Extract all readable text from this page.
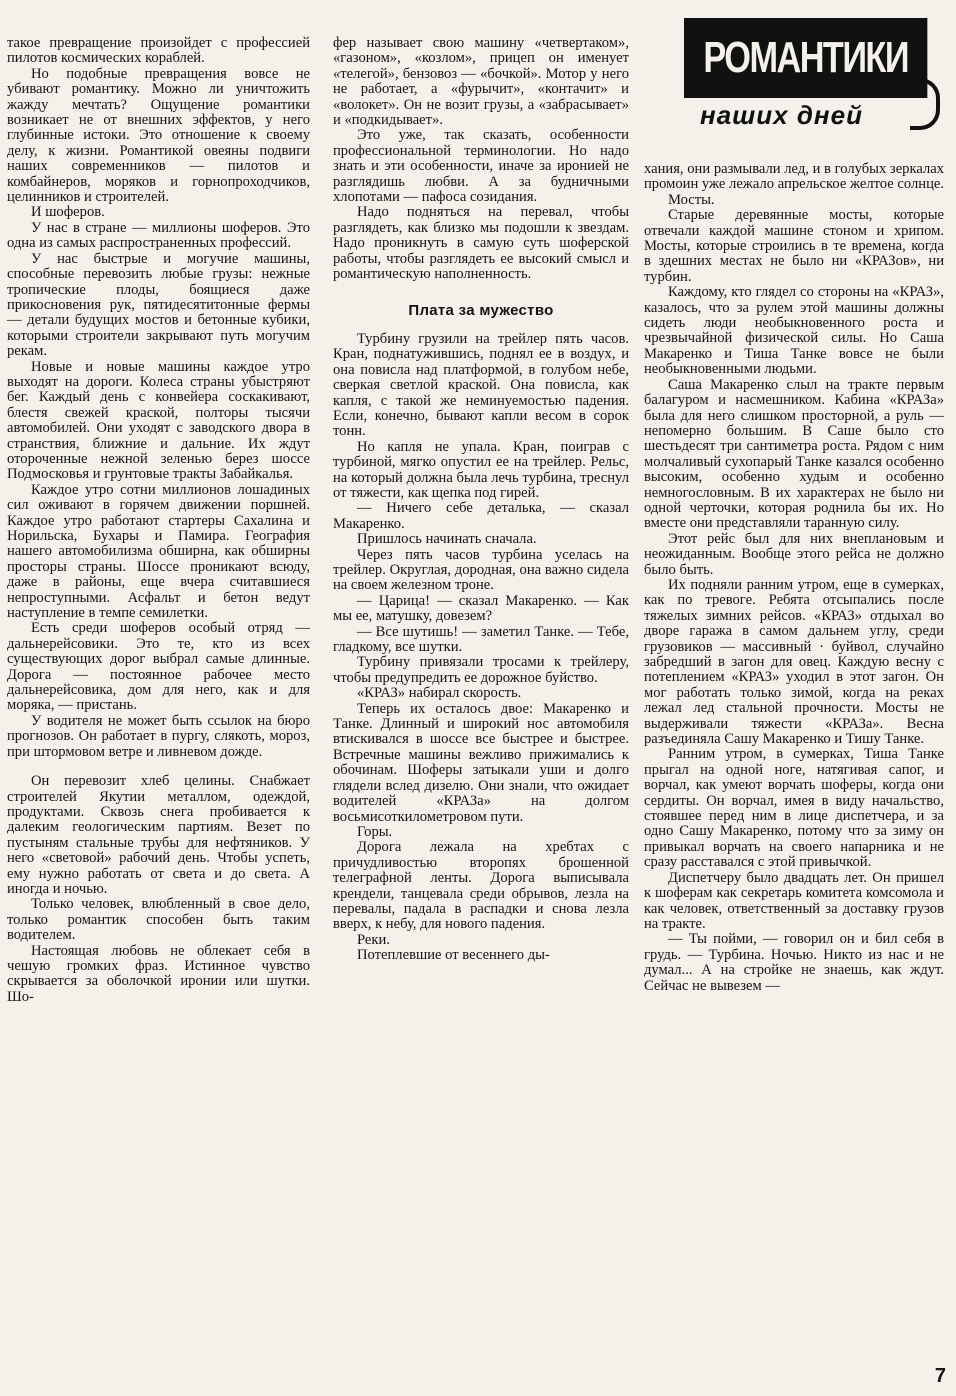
РОМАНТИКИ
наших дней

такое превращение произойдет с профессией пилотов космических кораблей.

Но подобные превращения вовсе не убивают романтику. Можно ли уничтожить жажду мечтать? Ощущение романтики возникает не от внешних эффектов, у него глубинные истоки. Это отношение к своему делу, к жизни. Романтикой овеяны подвиги наших современников — пилотов и комбайнеров, моряков и горнопроходчиков, целинников и строителей.

И шоферов.

У нас в стране — миллионы шоферов. Это одна из самых распространенных профессий.

У нас быстрые и могучие машины, способные перевозить любые грузы: нежные тропические плоды, боящиеся даже прикосновения рук, пятидесятитонные фермы — детали будущих мостов и бетонные кубики, которыми строители закрывают путь могучим рекам.

Новые и новые машины каждое утро выходят на дороги. Колеса страны убыстряют бег. Каждый день с конвейера соскакивают, блестя свежей краской, полторы тысячи автомобилей. Они уходят с заводского двора в странствия, ближние и дальние. Их ждут отороченные нежной зеленью берез шоссе Подмосковья и грунтовые тракты Забайкалья.

Каждое утро сотни миллионов лошадиных сил оживают в горячем движении поршней. Каждое утро работают стартеры Сахалина и Норильска, Бухары и Памира. География нашего автомобилизма обширна, как обширны просторы страны. Шоссе проникают всюду, даже в районы, еще вчера считавшиеся непроступными. Асфальт и бетон ведут наступление в темпе семилетки.

Есть среди шоферов особый отряд — дальнерейсовики. Это те, кто из всех существующих дорог выбрал самые длинные. Дорога — постоянное рабочее место дальнерейсовика, дом для него, как и для моряка, — пристань.

У водителя не может быть ссылок на бюро прогнозов. Он работает в пургу, слякоть, мороз, при штормовом ветре и ливневом дожде.

Он перевозит хлеб целины. Снабжает строителей Якутии металлом, одеждой, продуктами. Сквозь снега пробивается к далеким геологическим партиям. Везет по пустыням стальные трубы для нефтяников. У него «световой» рабочий день. Чтобы успеть, ему нужно работать от света и до света. А иногда и ночью.

Только человек, влюбленный в свое дело, только романтик способен быть таким водителем.

Настоящая любовь не облекает себя в чешую громких фраз. Истинное чувство скрывается за оболочкой иронии или шутки. Шо-

фер называет свою машину «четвертаком», «газоном», «козлом», прицеп он именует «телегой», бензовоз — «бочкой». Мотор у него не работает, а «фурычит», «контачит» и «волокет». Он не возит грузы, а «забрасывает» и «подкидывает».

Это уже, так сказать, особенности профессиональной терминологии. Но надо знать и эти особенности, иначе за иронией не разглядишь любви. А за будничными хлопотами — пафоса созидания.

Надо подняться на перевал, чтобы разглядеть, как близко мы подошли к звездам. Надо проникнуть в самую суть шоферской работы, чтобы разглядеть ее высокий смысл и романтическую наполненность.

Плата за мужество

Турбину грузили на трейлер пять часов. Кран, поднатужившись, поднял ее в воздух, и она повисла над платформой, в голубом небе, сверкая светлой краской. Она повисла, как капля, с такой же неминуемостью падения. Если, конечно, бывают капли весом в сорок тонн.

Но капля не упала. Кран, поиграв с турбиной, мягко опустил ее на трейлер. Рельс, на который должна была лечь турбина, треснул от тяжести, как щепка под гирей.

— Ничего себе деталька, — сказал Макаренко.

Пришлось начинать сначала.

Через пять часов турбина уселась на трейлер. Округлая, дородная, она важно сидела на своем железном троне.

— Царица! — сказал Макаренко. — Как мы ее, матушку, довезем?

— Все шутишь! — заметил Танке. — Тебе, гладкому, все шутки.

Турбину привязали тросами к трейлеру, чтобы предупредить ее дорожное буйство.

«КРАЗ» набирал скорость.

Теперь их осталось двое: Макаренко и Танке. Длинный и широкий нос автомобиля втискивался в шоссе все быстрее и быстрее. Встречные машины вежливо прижимались к обочинам. Шоферы затыкали уши и долго глядели вслед дизелю. Они знали, что ожидает водителей «КРАЗа» на долгом восьмисоткилометровом пути.

Горы.

Дорога лежала на хребтах с причудливостью второпях брошенной телеграфной ленты. Дорога выписывала крендели, танцевала среди обрывов, лезла на перевалы, падала в распадки и снова лезла вверх, к небу, для нового падения.

Реки.

Потеплевшие от весеннего ды-

хания, они размывали лед, и в голубых зеркалах промоин уже лежало апрельское желтое солнце.

Мосты.

Старые деревянные мосты, которые отвечали каждой машине стоном и хрипом. Мосты, которые строились в те времена, когда в здешних местах не было ни «КРАЗов», ни турбин.

Каждому, кто глядел со стороны на «КРАЗ», казалось, что за рулем этой машины должны сидеть люди необыкновенного роста и чрезвычайной физической силы. Но Саша Макаренко и Тиша Танке вовсе не были необыкновенными людьми.

Саша Макаренко слыл на тракте первым балагуром и насмешником. Кабина «КРАЗа» была для него слишком просторной, а руль — непомерно большим. В Саше было сто шестьдесят три сантиметра роста. Рядом с ним молчаливый сухопарый Танке казался особенно высоким, особенно худым и особенно немногословным. В их характерах не было ни одной черточки, которая роднила бы их. Но вместе они представляли таранную силу.

Этот рейс был для них внеплановым и неожиданным. Вообще этого рейса не должно было быть.

Их подняли ранним утром, еще в сумерках, как по тревоге. Ребята отсыпались после тяжелых зимних рейсов. «КРАЗ» отдыхал во дворе гаража в самом дальнем углу, среди грузовиков — массивный · буйвол, случайно забредший в загон для овец. Каждую весну с потеплением «КРАЗ» уходил в этот загон. Он мог работать только зимой, когда на реках лежал лед стальной прочности. Мосты не выдерживали тяжести «КРАЗа». Весна разъединяла Сашу Макаренко и Тишу Танке.

Ранним утром, в сумерках, Тиша Танке прыгал на одной ноге, натягивая сапог, и ворчал, как умеют ворчать шоферы, когда они сердиты. Он ворчал, имея в виду начальство, стоявшее перед ним в лице диспетчера, и за одно Сашу Макаренко, потому что за зиму он привыкал ворчать на своего напарника и не сразу расставался с этой привычкой.

Диспетчеру было двадцать лет. Он пришел к шоферам как секретарь комитета комсомола и как человек, ответственный за доставку грузов на тракте.

— Ты пойми, — говорил он и бил себя в грудь. — Турбина. Ночью. Никто из нас и не думал... А на стройке не знаешь, как ждут. Сейчас не вывезем —

7
